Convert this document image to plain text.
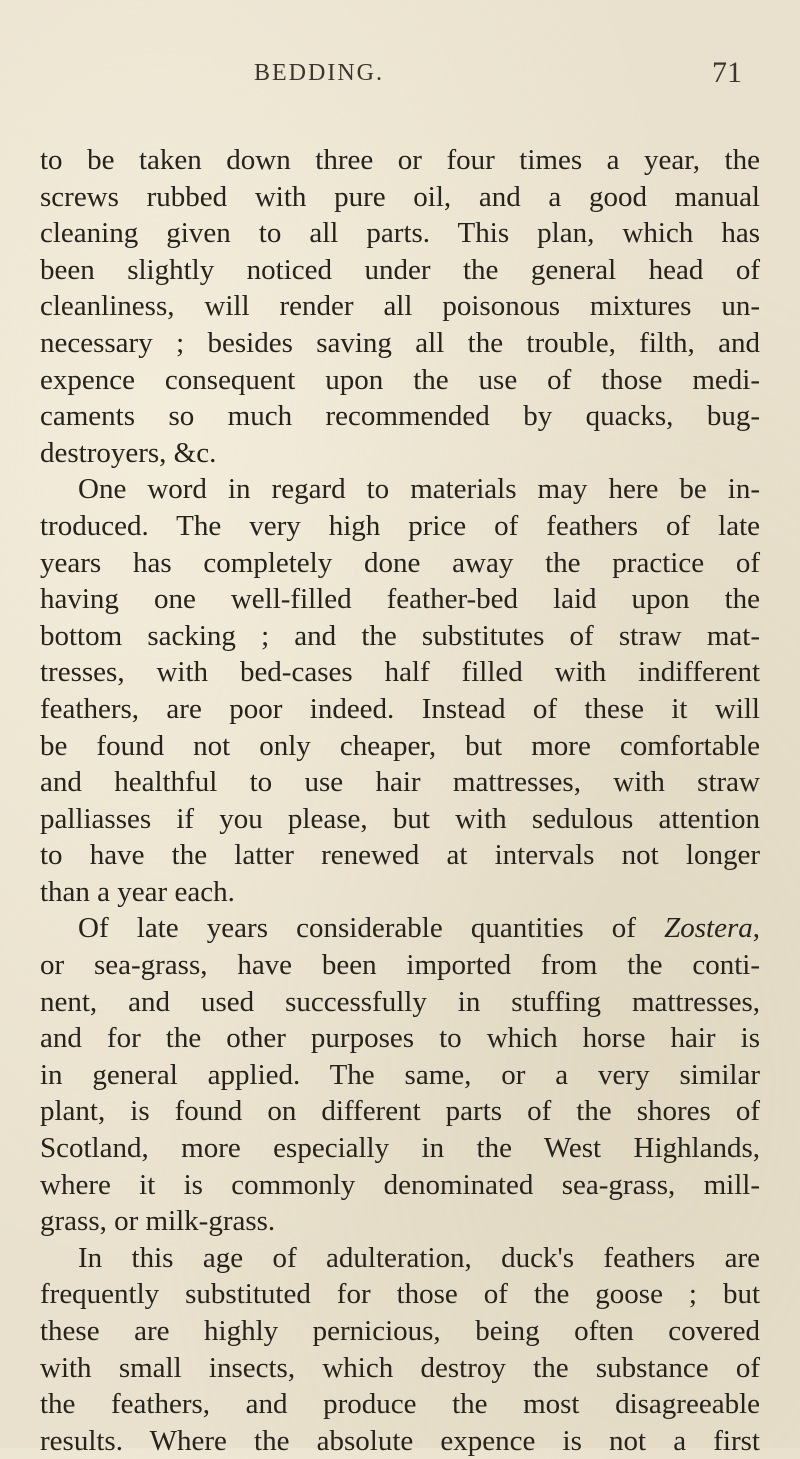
BEDDING.	71
to be taken down three or four times a year, the
screws rubbed with pure oil, and a good manual
cleaning given to all parts. This plan, which has
been slightly noticed under the general head of
cleanliness, will render all poisonous mixtures un-
necessary ; besides saving all the trouble, filth, and
expence consequent upon the use of those medi-
caments so much recommended by quacks, bug-
destroyers, &c.
One word in regard to materials may here be in-
troduced. The very high price of feathers of late
years has completely done away the practice of
having one well-filled feather-bed laid upon the
bottom sacking ; and the substitutes of straw mat-
tresses, with bed-cases half filled with indifferent
feathers, are poor indeed. Instead of these it will
be found not only cheaper, but more comfortable
and healthful to use hair mattresses, with straw
palliasses if you please, but with sedulous attention
to have the latter renewed at intervals not longer
than a year each.
Of late years considerable quantities of Zostera,
or sea-grass, have been imported from the conti-
nent, and used successfully in stuffing mattresses,
and for the other purposes to which horse hair is
in general applied. The same, or a very similar
plant, is found on different parts of the shores of
Scotland, more especially in the West Highlands,
where it is commonly denominated sea-grass, mill-
grass, or milk-grass.
In this age of adulteration, duck's feathers are
frequently substituted for those of the goose ; but
these are highly pernicious, being often covered
with small insects, which destroy the substance of
the feathers, and produce the most disagreeable
results. Where the absolute expence is not a first
